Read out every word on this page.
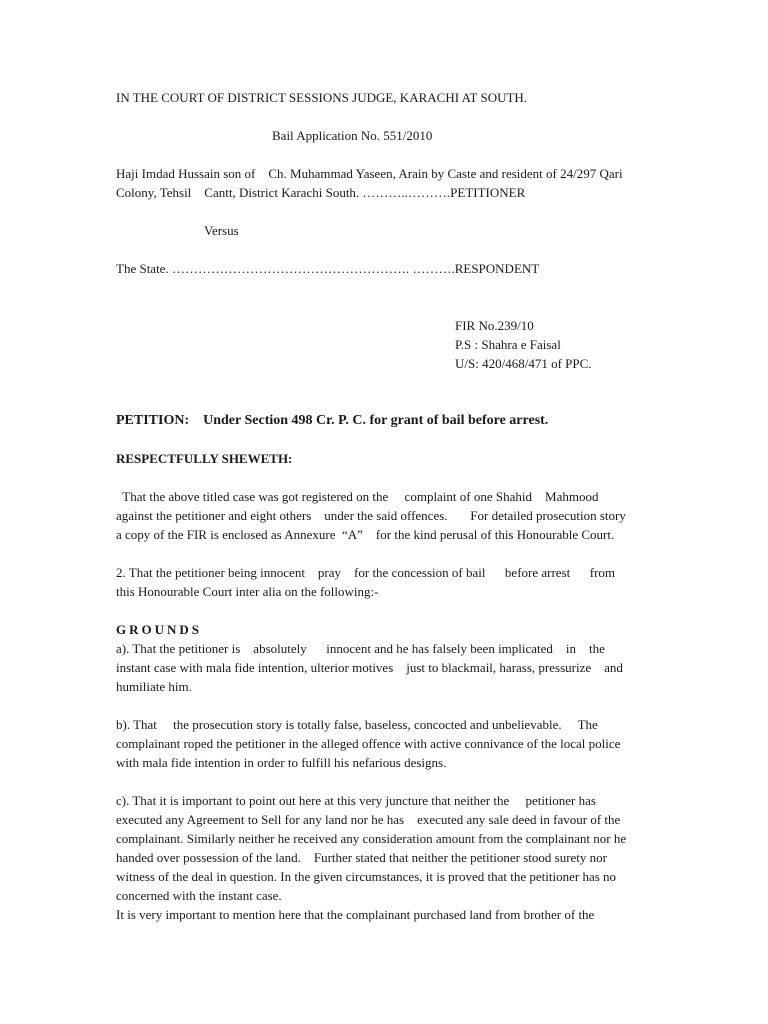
IN THE COURT OF DISTRICT SESSIONS JUDGE, KARACHI AT SOUTH.
Bail Application No. 551/2010

Haji Imdad Hussain son of    Ch. Muhammad Yaseen, Arain by Caste and resident of 24/297 Qari

Colony, Tehsil    Cantt, District Karachi South. ………..……….PETITIONER

Versus
The State. ………………………………………………. ……….RESPONDENT
FIR No.239/10
P.S : Shahra e Faisal
U/S: 420/468/471 of PPC.
PETITION: Under Section 498 Cr. P. C. for grant of bail before arrest.
RESPECTFULLY SHEWETH:

That the above titled case was got registered on the     complaint of one Shahid    Mahmood

against the petitioner and eight others    under the said offences.       For detailed prosecution story

a copy of the FIR is enclosed as Annexure  “A”    for the kind perusal of this Honourable Court.

2. That the petitioner being innocent    pray    for the concession of bail      before arrest      from

this Honourable Court inter alia on the following:-

GROUNDS

a). That the petitioner is    absolutely      innocent and he has falsely been implicated    in    the

instant case with mala fide intention, ulterior motives    just to blackmail, harass, pressurize    and

humiliate him.

b). That     the prosecution story is totally false, baseless, concocted and unbelievable.     The

complainant roped the petitioner in the alleged offence with active connivance of the local police

with mala fide intention in order to fulfill his nefarious designs.

c). That it is important to point out here at this very juncture that neither the     petitioner has

executed any Agreement to Sell for any land nor he has    executed any sale deed in favour of the

complainant. Similarly neither he received any consideration amount from the complainant nor he

handed over possession of the land.    Further stated that neither the petitioner stood surety nor

witness of the deal in question. In the given circumstances, it is proved that the petitioner has no

concerned with the instant case.

It is very important to mention here that the complainant purchased land from brother of the
